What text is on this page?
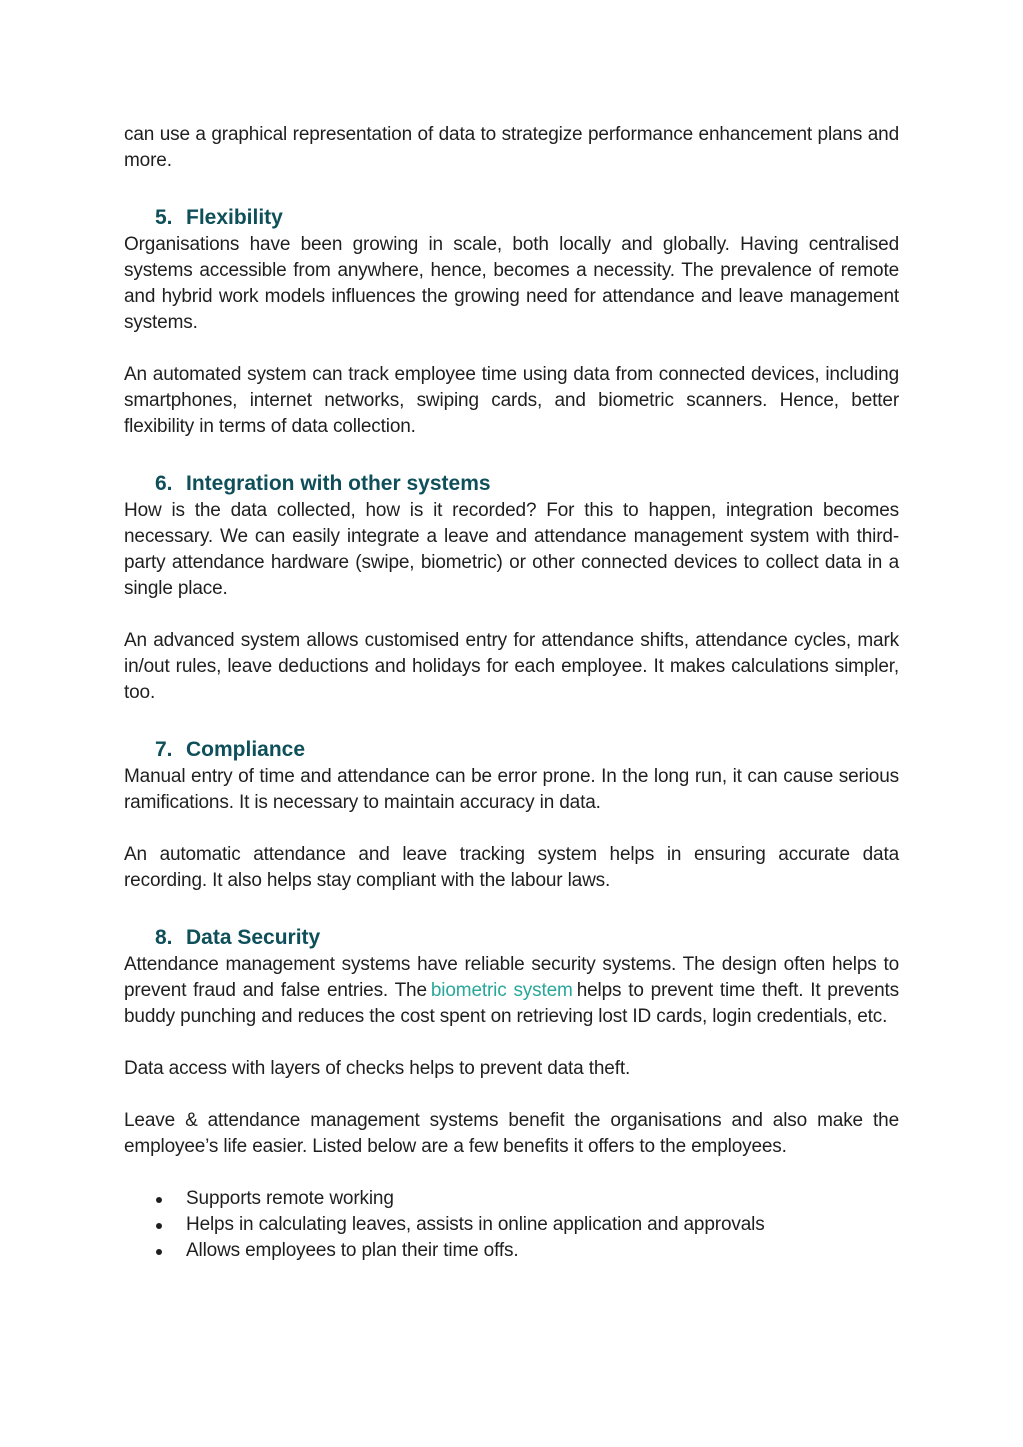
can use a graphical representation of data to strategize performance enhancement plans and more.

5. Flexibility

Organisations have been growing in scale, both locally and globally. Having centralised systems accessible from anywhere, hence, becomes a necessity. The prevalence of remote and hybrid work models influences the growing need for attendance and leave management systems.

An automated system can track employee time using data from connected devices, including smartphones, internet networks, swiping cards, and biometric scanners. Hence, better flexibility in terms of data collection.

6. Integration with other systems

How is the data collected, how is it recorded? For this to happen, integration becomes necessary. We can easily integrate a leave and attendance management system with third-party attendance hardware (swipe, biometric) or other connected devices to collect data in a single place.

An advanced system allows customised entry for attendance shifts, attendance cycles, mark in/out rules, leave deductions and holidays for each employee. It makes calculations simpler, too.

7. Compliance

Manual entry of time and attendance can be error prone. In the long run, it can cause serious ramifications. It is necessary to maintain accuracy in data.

An automatic attendance and leave tracking system helps in ensuring accurate data recording. It also helps stay compliant with the labour laws.

8. Data Security

Attendance management systems have reliable security systems. The design often helps to prevent fraud and false entries. The biometric system helps to prevent time theft. It prevents buddy punching and reduces the cost spent on retrieving lost ID cards, login credentials, etc.

Data access with layers of checks helps to prevent data theft.

Leave & attendance management systems benefit the organisations and also make the employee’s life easier. Listed below are a few benefits it offers to the employees.

Supports remote working
Helps in calculating leaves, assists in online application and approvals
Allows employees to plan their time offs.
